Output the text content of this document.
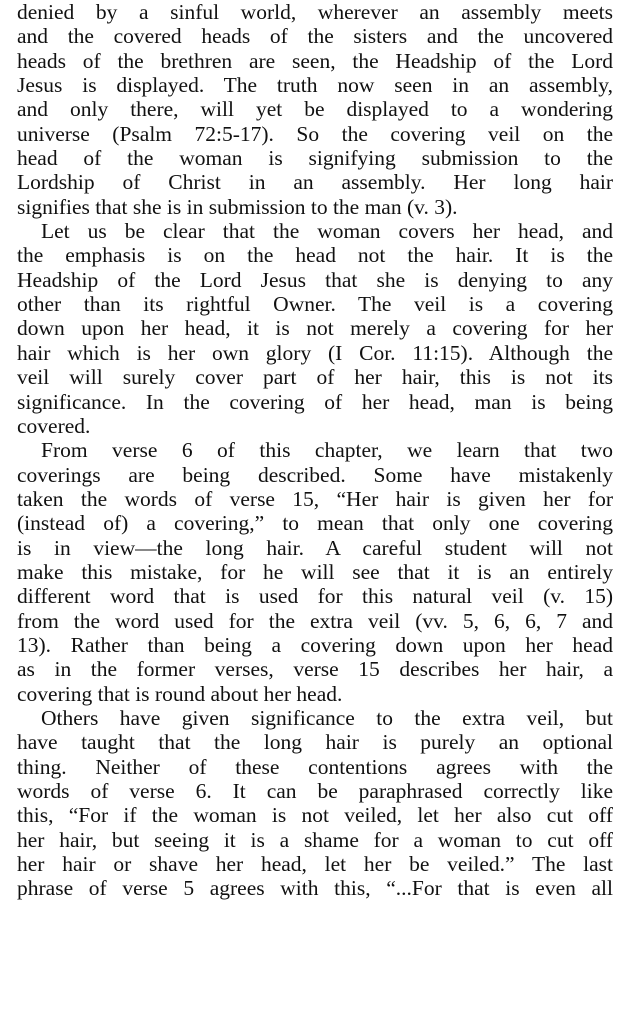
denied by a sinful world, wherever an assembly meets
and the covered heads of the sisters and the uncovered
heads of the brethren are seen, the Headship of the Lord
Jesus is displayed. The truth now seen in an assembly,
and only there, will yet be displayed to a wondering
universe (Psalm 72:5-17). So the covering veil on the
head of the woman is signifying submission to the
Lordship of Christ in an assembly. Her long hair
signifies that she is in submission to the man (v. 3).
Let us be clear that the woman covers her head, and
the emphasis is on the head not the hair. It is the
Headship of the Lord Jesus that she is denying to any
other than its rightful Owner. The veil is a covering
down upon her head, it is not merely a covering for her
hair which is her own glory (I Cor. 11:15). Although the
veil will surely cover part of her hair, this is not its
significance. In the covering of her head, man is being
covered.
From verse 6 of this chapter, we learn that two
coverings are being described. Some have mistakenly
taken the words of verse 15, “Her hair is given her for
(instead of) a covering,” to mean that only one covering
is in view—the long hair. A careful student will not
make this mistake, for he will see that it is an entirely
different word that is used for this natural veil (v. 15)
from the word used for the extra veil (vv. 5, 6, 6, 7 and
13). Rather than being a covering down upon her head
as in the former verses, verse 15 describes her hair, a
covering that is round about her head.
Others have given significance to the extra veil, but
have taught that the long hair is purely an optional
thing. Neither of these contentions agrees with the
words of verse 6. It can be paraphrased correctly like
this, “For if the woman is not veiled, let her also cut off
her hair, but seeing it is a shame for a woman to cut off
her hair or shave her head, let her be veiled.” The last
phrase of verse 5 agrees with this, “...For that is even all
